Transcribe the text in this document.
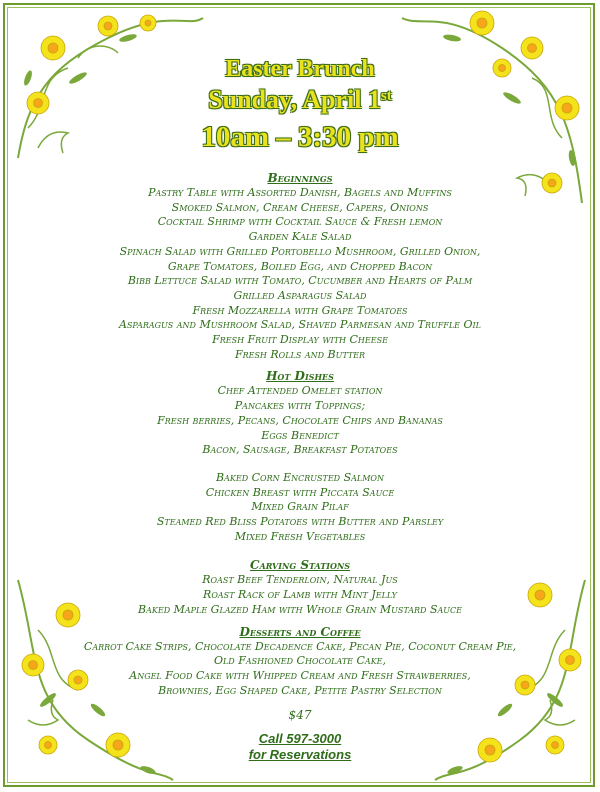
Easter Brunch
Sunday, April 1st
10am – 3:30 pm
Beginnings
Pastry Table with Assorted Danish, Bagels and Muffins
Smoked Salmon, Cream Cheese, Capers, Onions
Cocktail Shrimp with Cocktail Sauce & Fresh lemon
Garden Kale Salad
Spinach Salad with Grilled Portobello Mushroom, Grilled Onion,
Grape Tomatoes, Boiled Egg, and Chopped Bacon
Bibb Lettuce Salad with Tomato, Cucumber and Hearts of Palm
Grilled Asparagus Salad
Fresh Mozzarella with Grape Tomatoes
Asparagus and Mushroom Salad, Shaved Parmesan and Truffle Oil
Fresh Fruit Display with Cheese
Fresh Rolls and Butter
Hot Dishes
Chef Attended Omelet station
Pancakes with Toppings;
Fresh berries, Pecans, Chocolate Chips and Bananas
Eggs Benedict
Bacon, Sausage, Breakfast Potatoes
Baked Corn Encrusted Salmon
Chicken Breast with Piccata Sauce
Mixed Grain Pilaf
Steamed Red Bliss Potatoes with Butter and Parsley
Mixed Fresh Vegetables
Carving Stations
Roast Beef Tenderloin, Natural Jus
Roast Rack of Lamb with Mint Jelly
Baked Maple Glazed Ham with Whole Grain Mustard Sauce
Desserts and Coffee
Carrot Cake Strips, Chocolate Decadence Cake, Pecan Pie, Coconut Cream Pie,
Old Fashioned Chocolate Cake,
Angel Food Cake with Whipped Cream and Fresh Strawberries,
Brownies, Egg Shaped Cake, Petite Pastry Selection
$47
Call 597-3000
for Reservations
